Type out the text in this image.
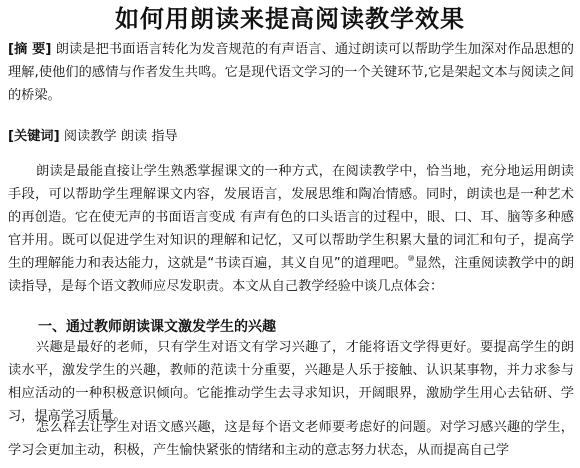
如何用朗读来提高阅读教学效果

[摘 要] 朗读是把书面语言转化为发音规范的有声语言、通过朗读可以帮助学生加深对作品思想的理解,使他们的感情与作者发生共鸣。它是现代语文学习的一个关键环节,它是架起文本与阅读之间的桥梁。

[关键词] 阅读教学 朗读 指导

朗读是最能直接让学生熟悉掌握课文的一种方式，在阅读教学中，恰当地，充分地运用朗读手段，可以帮助学生理解课文内容，发展语言，发展思维和陶冶情感。同时，朗读也是一种艺术的再创造。它在使无声的书面语言变成 有声有色的口头语言的过程中，眼、口、耳、脑等多种感官并用。既可以促进学生对知识的理解和记忆，又可以帮助学生积累大量的词汇和句子，提高学生的理解能力和表达能力，这就是“书读百遍，其义自见”的道理吧。⑩显然，注重阅读教学中的朗读指导，是每个语文教师应尽发职责。本文从自己教学经验中谈几点体会：

一、通过教师朗读课文激发学生的兴趣

兴趣是最好的老师，只有学生对语文有学习兴趣了，才能将语文学得更好。要提高学生的朗读水平，激发学生的兴趣，教师的范读十分重要，兴趣是人乐于接触、认识某事物，并力求参与相应活动的一种积极意识倾向。它能推动学生去寻求知识，开阔眼界，激励学生用心去钻研、学习，提高学习质量。

怎么样去让学生对语文感兴趣，这是每个语文老师要考虑好的问题。对学习感兴趣的学生，学习会更加主动，积极，产生愉快紧张的情绪和主动的意志努力状态，从而提高自己学
